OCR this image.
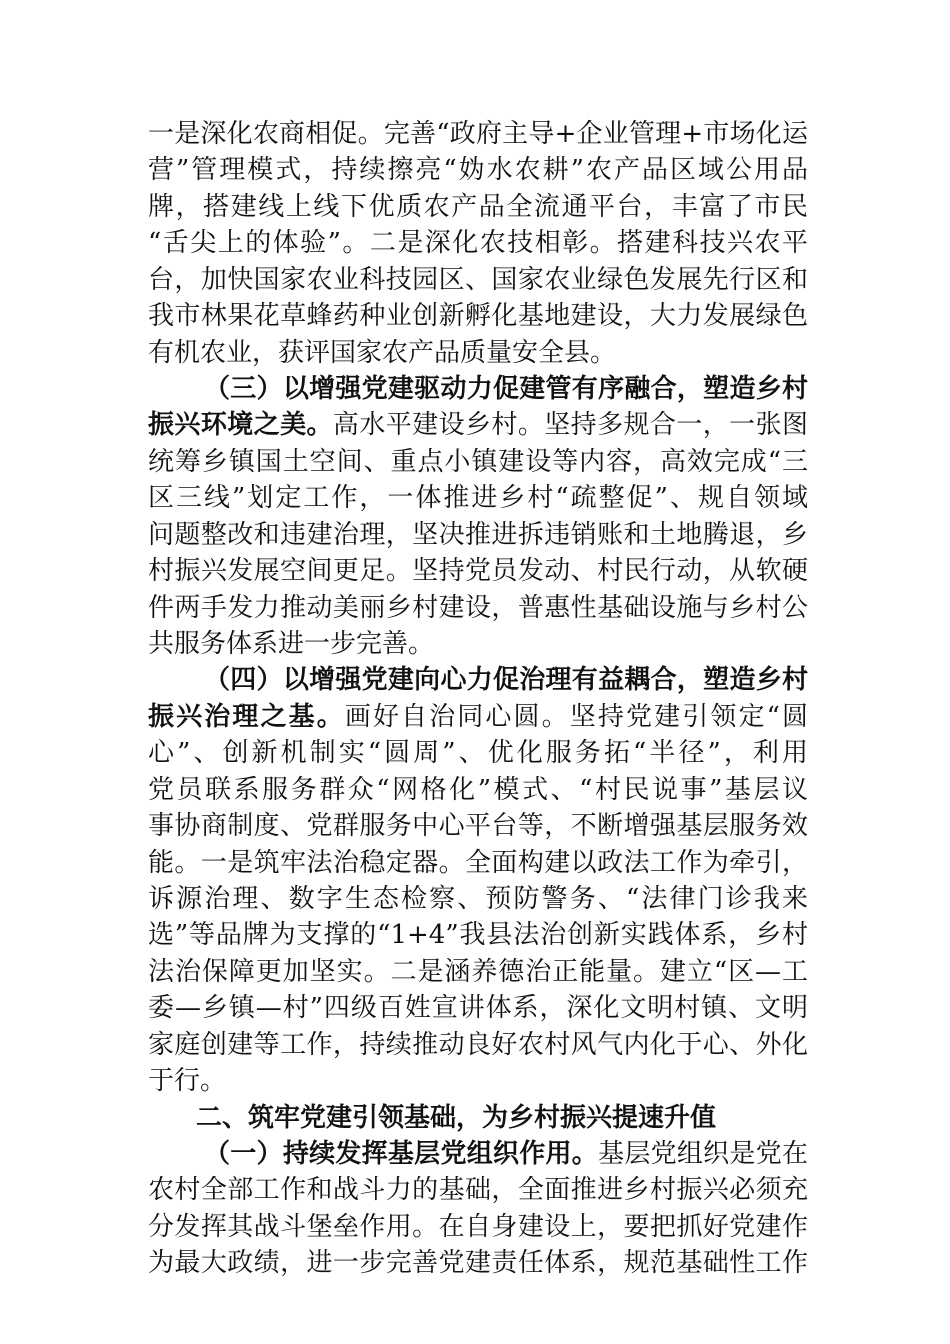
一是深化农商相促。完善“政府主导+企业管理+市场化运
营”管理模式，持续擦亮“妫水农耕”农产品区域公用品
牌，搭建线上线下优质农产品全流通平台，丰富了市民
“舌尖上的体验”。二是深化农技相彰。搭建科技兴农平
台，加快国家农业科技园区、国家农业绿色发展先行区和
我市林果花草蜂药种业创新孵化基地建设，大力发展绿色
有机农业，获评国家农产品质量安全县。
（三）以增强党建驱动力促建管有序融合，塑造乡村
振兴环境之美。高水平建设乡村。坚持多规合一，一张图
统筹乡镇国土空间、重点小镇建设等内容，高效完成“三
区三线”划定工作，一体推进乡村“疏整促”、规自领域
问题整改和违建治理，坚决推进拆违销账和土地腾退，乡
村振兴发展空间更足。坚持党员发动、村民行动，从软硬
件两手发力推动美丽乡村建设，普惠性基础设施与乡村公
共服务体系进一步完善。
（四）以增强党建向心力促治理有益耦合，塑造乡村
振兴治理之基。画好自治同心圆。坚持党建引领定“圆
心”、创新机制实“圆周”、优化服务拓“半径”，利用
党员联系服务群众“网格化”模式、“村民说事”基层议
事协商制度、党群服务中心平台等，不断增强基层服务效
能。一是筑牢法治稳定器。全面构建以政法工作为牵引，
诉源治理、数字生态检察、预防警务、“法律门诊我来
选”等品牌为支撑的“1+4”我县法治创新实践体系，乡村
法治保障更加坚实。二是涵养德治正能量。建立“区—工
委—乡镇—村”四级百姓宣讲体系，深化文明村镇、文明
家庭创建等工作，持续推动良好农村风气内化于心、外化
于行。
二、筑牢党建引领基础，为乡村振兴提速升值
（一）持续发挥基层党组织作用。基层党组织是党在
农村全部工作和战斗力的基础，全面推进乡村振兴必须充
分发挥其战斗堡垒作用。在自身建设上，要把抓好党建作
为最大政绩，进一步完善党建责任体系，规范基础性工作
